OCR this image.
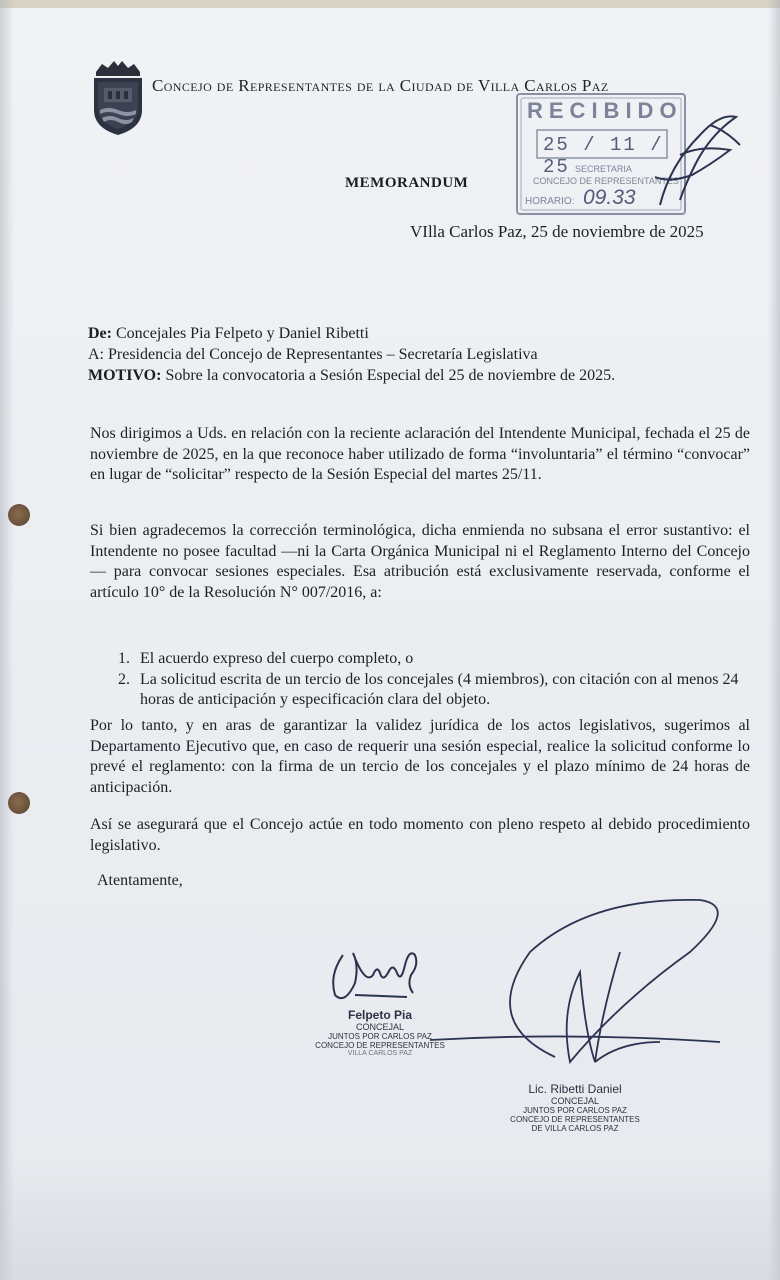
Concejo de Representantes de la Ciudad de Villa Carlos Paz
RECIBIDO
25 / 11 / 25 SECRETARIA
CONCEJO DE REPRESENTANTES
HORARIO: 09.33
MEMORANDUM
VIlla Carlos Paz, 25 de noviembre de 2025
De: Concejales Pia Felpeto y Daniel Ribetti
A: Presidencia del Concejo de Representantes – Secretaría Legislativa
MOTIVO: Sobre la convocatoria a Sesión Especial del 25 de noviembre de 2025.
Nos dirigimos a Uds. en relación con la reciente aclaración del Intendente Municipal, fechada el 25 de noviembre de 2025, en la que reconoce haber utilizado de forma “involuntaria” el término “convocar” en lugar de “solicitar” respecto de la Sesión Especial del martes 25/11.
Si bien agradecemos la corrección terminológica, dicha enmienda no subsana el error sustantivo: el Intendente no posee facultad —ni la Carta Orgánica Municipal ni el Reglamento Interno del Concejo— para convocar sesiones especiales. Esa atribución está exclusivamente reservada, conforme el artículo 10° de la Resolución N° 007/2016, a:
1. El acuerdo expreso del cuerpo completo, o
2. La solicitud escrita de un tercio de los concejales (4 miembros), con citación con al menos 24 horas de anticipación y especificación clara del objeto.
Por lo tanto, y en aras de garantizar la validez jurídica de los actos legislativos, sugerimos al Departamento Ejecutivo que, en caso de requerir una sesión especial, realice la solicitud conforme lo prevé el reglamento: con la firma de un tercio de los concejales y el plazo mínimo de 24 horas de anticipación.
Así se asegurará que el Concejo actúe en todo momento con pleno respeto al debido procedimiento legislativo.
Atentamente,
Felpeto Pia
CONCEJAL
JUNTOS POR CARLOS PAZ
CONCEJO DE REPRESENTANTES
VILLA CARLOS PAZ
Lic. Ribetti Daniel
CONCEJAL
JUNTOS POR CARLOS PAZ
CONCEJO DE REPRESENTANTES
DE VILLA CARLOS PAZ
